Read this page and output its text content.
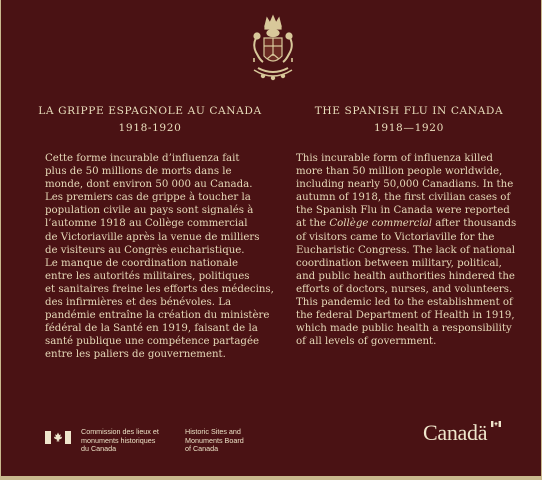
LA GRIPPE ESPAGNOLE AU CANADA
1918-1920
THE SPANISH FLU IN CANADA
1918—1920
Cette forme incurable d’influenza fait
plus de 50 millions de morts dans le
monde, dont environ 50 000 au Canada.
Les premiers cas de grippe à toucher la
population civile au pays sont signalés à
l’automne 1918 au Collège commercial
de Victoriaville après la venue de milliers
de visiteurs au Congrès eucharistique.
Le manque de coordination nationale
entre les autorités militaires, politiques
et sanitaires freine les efforts des médecins,
des infirmières et des bénévoles. La
pandémie entraîne la création du ministère
fédéral de la Santé en 1919, faisant de la
santé publique une compétence partagée
entre les paliers de gouvernement.
This incurable form of influenza killed
more than 50 million people worldwide,
including nearly 50,000 Canadians. In the
autumn of 1918, the first civilian cases of
the Spanish Flu in Canada were reported
at the Collège commercial after thousands
of visitors came to Victoriaville for the
Eucharistic Congress. The lack of national
coordination between military, political,
and public health authorities hindered the
efforts of doctors, nurses, and volunteers.
This pandemic led to the establishment of
the federal Department of Health in 1919,
which made public health a responsibility
of all levels of government.
Commission des lieux et
monuments historiques
du Canada
Historic Sites and
Monuments Board
of Canada
Canadä
